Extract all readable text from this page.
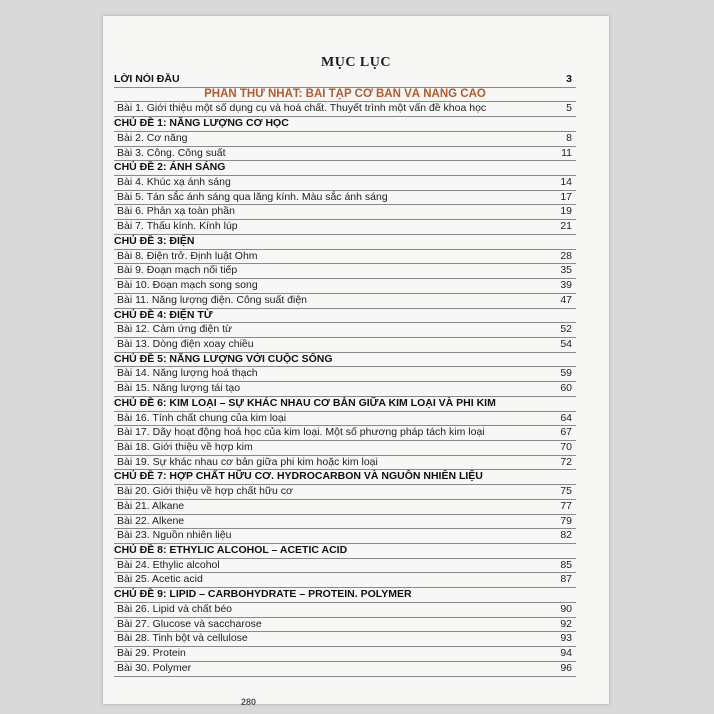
MỤC LỤC
280
LỜI NÓI ĐẦU	3
PHẦN THỨ NHẤT: BÀI TẬP CƠ BẢN VÀ NÂNG CAO
Bài 1. Giới thiệu một số dụng cụ và hoá chất. Thuyết trình một vấn đề khoa học	5
CHỦ ĐỀ 1: NĂNG LƯỢNG CƠ HỌC
Bài 2. Cơ năng	8
Bài 3. Công. Công suất	11
CHỦ ĐỀ 2: ÁNH SÁNG
Bài 4. Khúc xạ ánh sáng	14
Bài 5. Tán sắc ánh sáng qua lăng kính. Màu sắc ánh sáng	17
Bài 6. Phản xạ toàn phần	19
Bài 7. Thấu kính. Kính lúp	21
CHỦ ĐỀ 3: ĐIỆN
Bài 8. Điện trở. Định luật Ohm	28
Bài 9. Đoạn mạch nối tiếp	35
Bài 10. Đoạn mạch song song	39
Bài 11. Năng lượng điện. Công suất điện	47
CHỦ ĐỀ 4: ĐIỆN TỪ
Bài 12. Cảm ứng điện từ	52
Bài 13. Dòng điện xoay chiều	54
CHỦ ĐỀ 5: NĂNG LƯỢNG VỚI CUỘC SỐNG
Bài 14. Năng lượng hoá thạch	59
Bài 15. Năng lượng tái tạo	60
CHỦ ĐỀ 6: KIM LOẠI – SỰ KHÁC NHAU CƠ BẢN GIỮA KIM LOẠI VÀ PHI KIM
Bài 16. Tính chất chung của kim loại	64
Bài 17. Dãy hoạt động hoá học của kim loại. Một số phương pháp tách kim loại	67
Bài 18. Giới thiệu về hợp kim	70
Bài 19. Sự khác nhau cơ bản giữa phi kim hoặc kim loại	72
CHỦ ĐỀ 7: HỢP CHẤT HỮU CƠ. HYDROCARBON VÀ NGUỒN NHIÊN LIỆU
Bài 20. Giới thiệu về hợp chất hữu cơ	75
Bài 21. Alkane	77
Bài 22. Alkene	79
Bài 23. Nguồn nhiên liệu	82
CHỦ ĐỀ 8: ETHYLIC ALCOHOL – ACETIC ACID
Bài 24. Ethylic alcohol	85
Bài 25. Acetic acid	87
CHỦ ĐỀ 9: LIPID – CARBOHYDRATE – PROTEIN. POLYMER
Bài 26. Lipid và chất béo	90
Bài 27. Glucose và saccharose	92
Bài 28. Tinh bột và cellulose	93
Bài 29. Protein	94
Bài 30. Polymer	96
